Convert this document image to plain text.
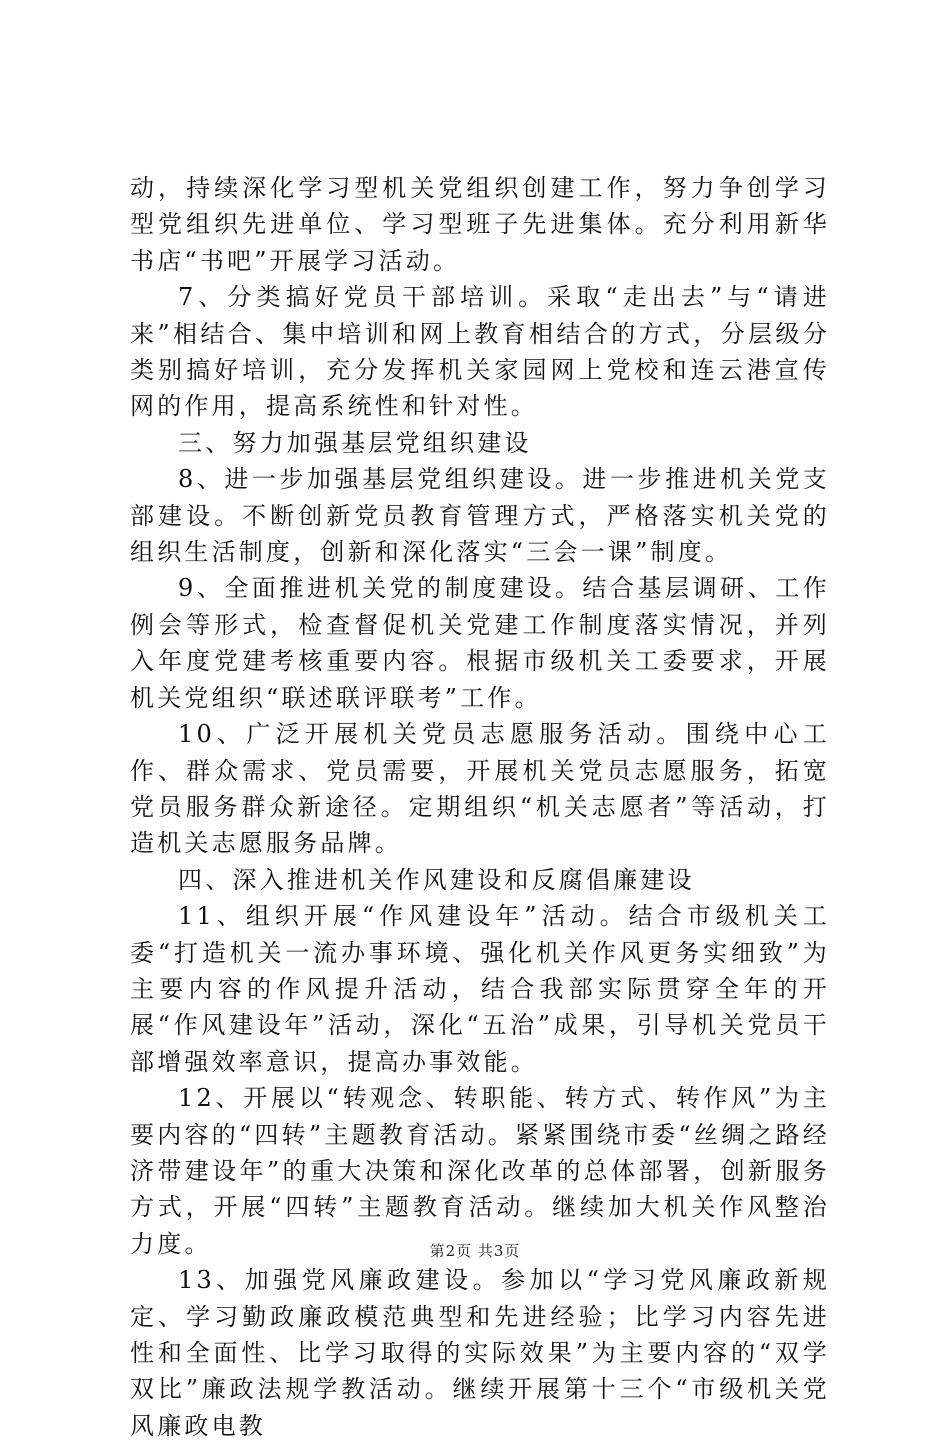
动，持续深化学习型机关党组织创建工作，努力争创学习型党组织先进单位、学习型班子先进集体。充分利用新华书店“书吧”开展学习活动。

7、分类搞好党员干部培训。采取“走出去”与“请进来”相结合、集中培训和网上教育相结合的方式，分层级分类别搞好培训，充分发挥机关家园网上党校和连云港宣传网的作用，提高系统性和针对性。

三、努力加强基层党组织建设

8、进一步加强基层党组织建设。进一步推进机关党支部建设。不断创新党员教育管理方式，严格落实机关党的组织生活制度，创新和深化落实“三会一课”制度。

9、全面推进机关党的制度建设。结合基层调研、工作例会等形式，检查督促机关党建工作制度落实情况，并列入年度党建考核重要内容。根据市级机关工委要求，开展机关党组织“联述联评联考”工作。

10、广泛开展机关党员志愿服务活动。围绕中心工作、群众需求、党员需要，开展机关党员志愿服务，拓宽党员服务群众新途径。定期组织“机关志愿者”等活动，打造机关志愿服务品牌。

四、深入推进机关作风建设和反腐倡廉建设

11、组织开展“作风建设年”活动。结合市级机关工委“打造机关一流办事环境、强化机关作风更务实细致”为主要内容的作风提升活动，结合我部实际贯穿全年的开展“作风建设年”活动，深化“五治”成果，引导机关党员干部增强效率意识，提高办事效能。

12、开展以“转观念、转职能、转方式、转作风”为主要内容的“四转”主题教育活动。紧紧围绕市委“丝绸之路经济带建设年”的重大决策和深化改革的总体部署，创新服务方式，开展“四转”主题教育活动。继续加大机关作风整治力度。

13、加强党风廉政建设。参加以“学习党风廉政新规定、学习勤政廉政模范典型和先进经验；比学习内容先进性和全面性、比学习取得的实际效果”为主要内容的“双学双比”廉政法规学教活动。继续开展第十三个“市级机关党风廉政电教

第2页 共3页
